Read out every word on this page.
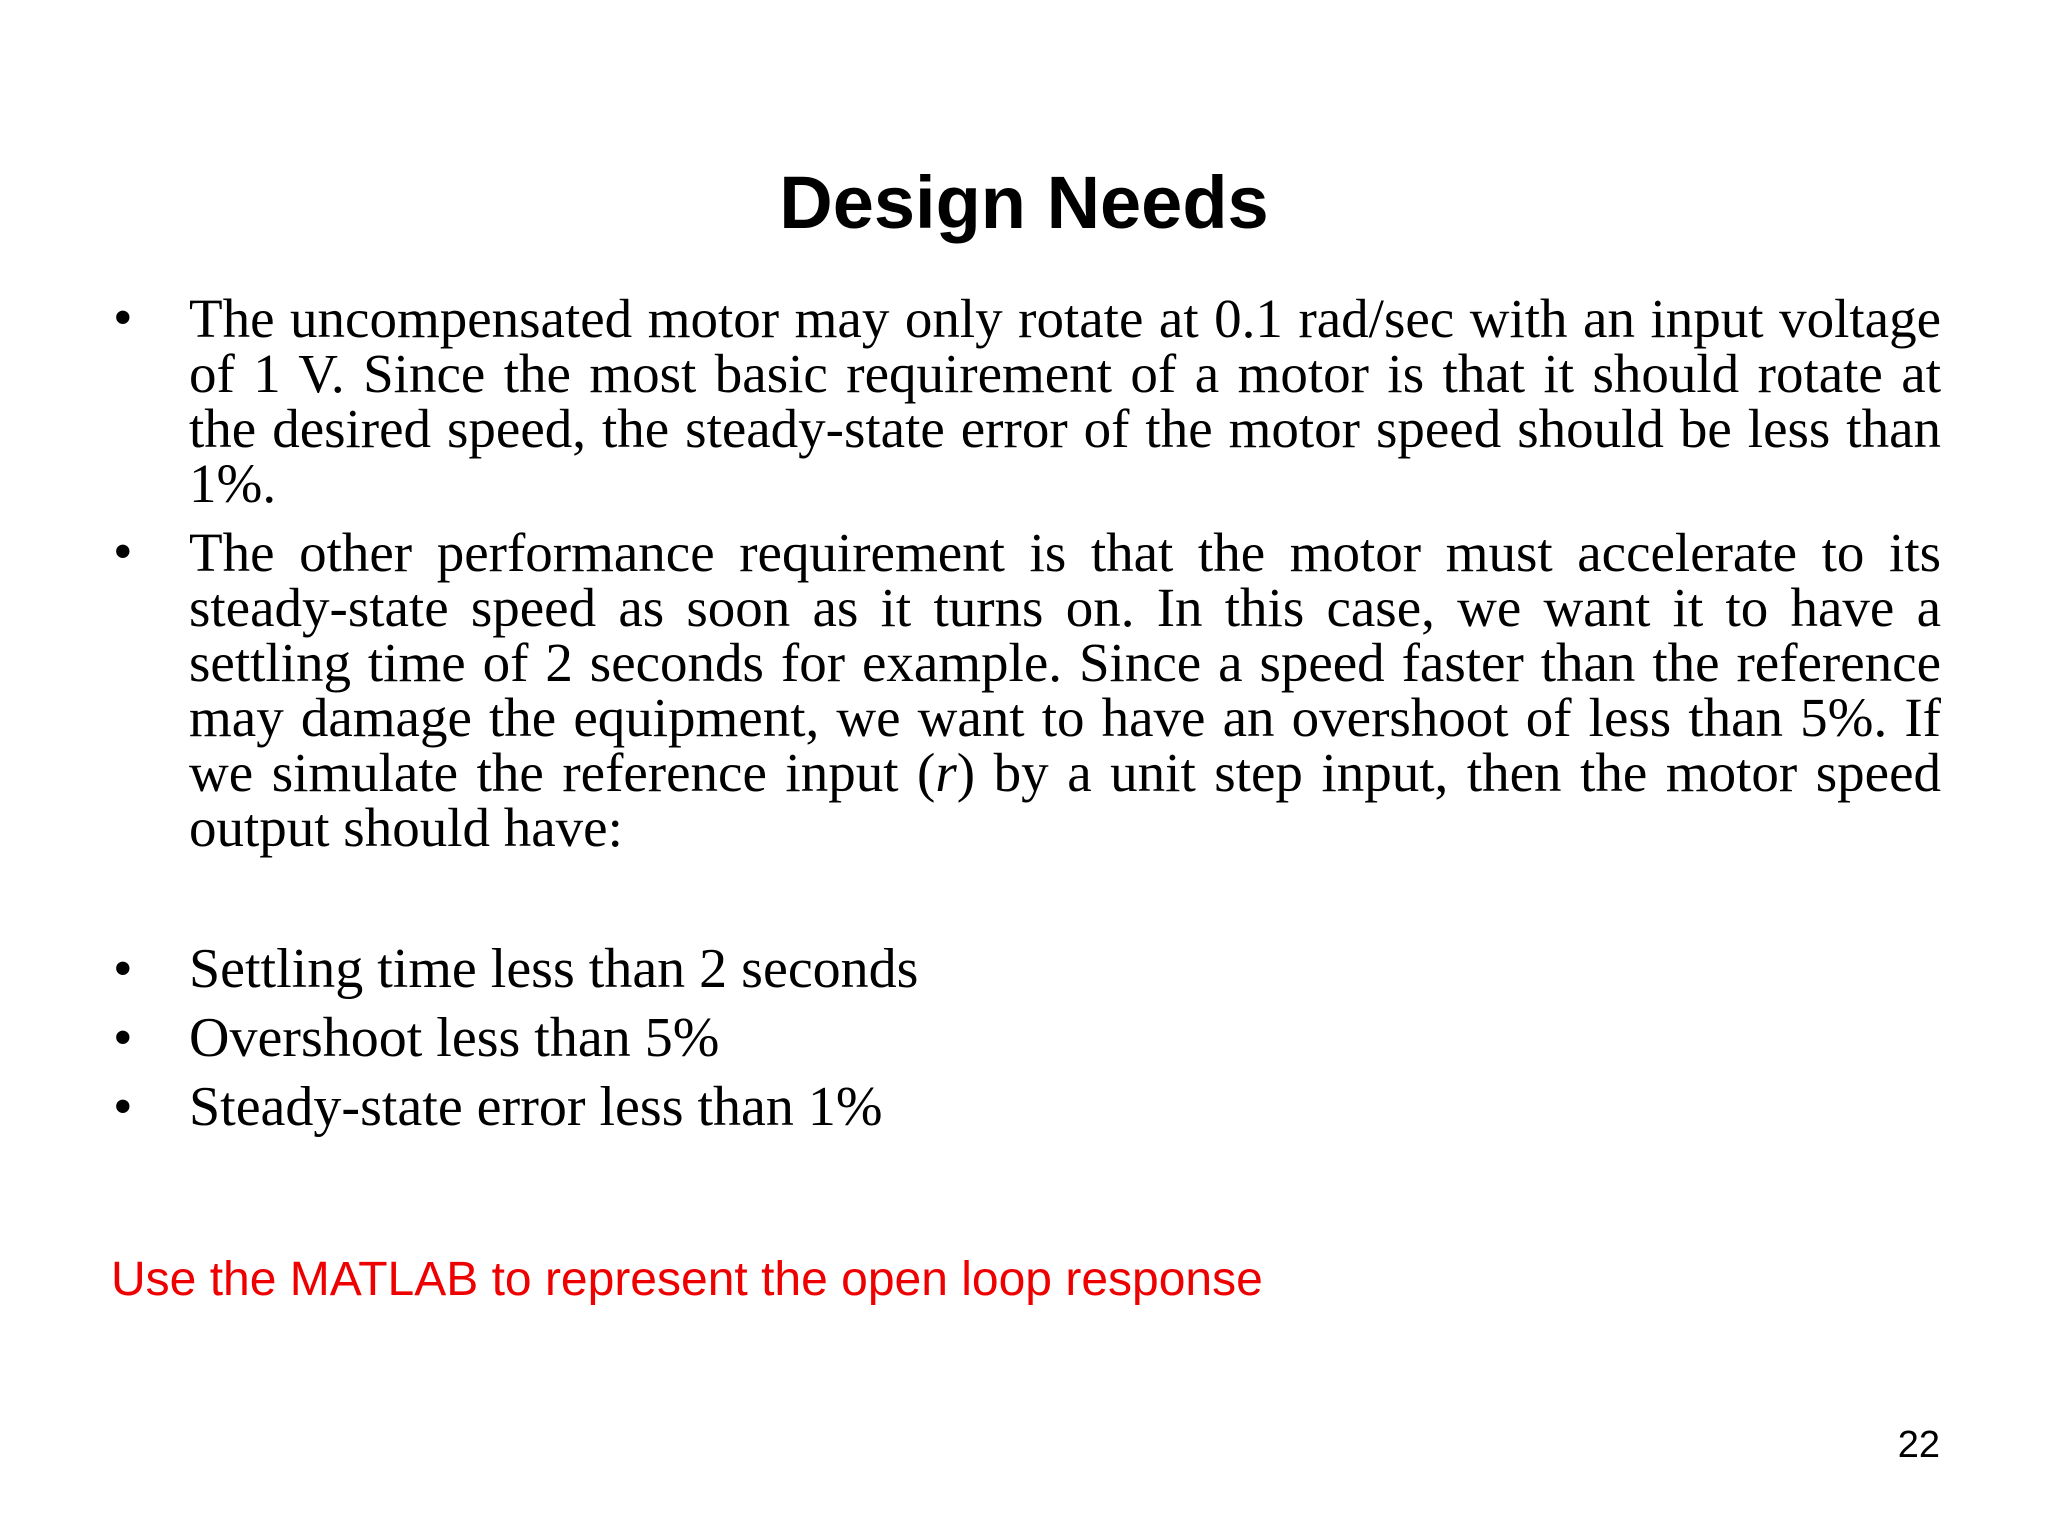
Design Needs
• The uncompensated motor may only rotate at 0.1 rad/sec with an input voltage of 1 V. Since the most basic requirement of a motor is that it should rotate at the desired speed, the steady-state error of the motor speed should be less than 1%.
• The other performance requirement is that the motor must accelerate to its steady-state speed as soon as it turns on. In this case, we want it to have a settling time of 2 seconds for example. Since a speed faster than the reference may damage the equipment, we want to have an overshoot of less than 5%. If we simulate the reference input (r) by a unit step input, then the motor speed output should have:
• Settling time less than 2 seconds
• Overshoot less than 5%
• Steady-state error less than 1%
Use the MATLAB to represent the open loop response
22
